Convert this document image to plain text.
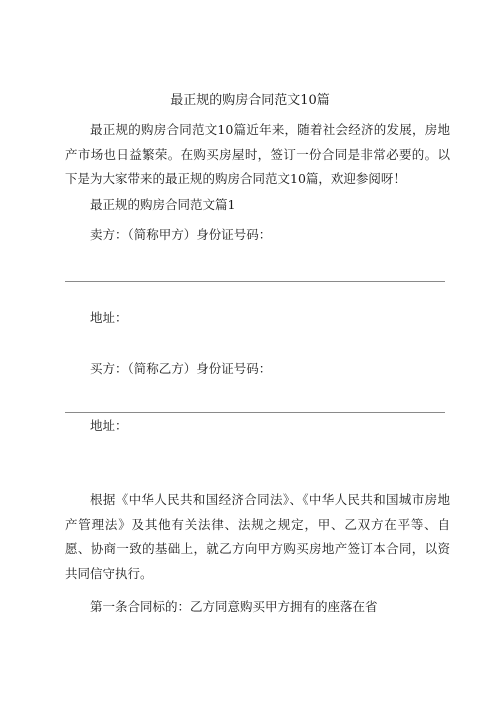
最正规的购房合同范文10篇
最正规的购房合同范文10篇近年来，随着社会经济的发展，房地产市场也日益繁荣。在购买房屋时，签订一份合同是非常必要的。以下是为大家带来的最正规的购房合同范文10篇，欢迎参阅呀！
最正规的购房合同范文篇1
卖方：（简称甲方）身份证号码：
地址：
买方：（简称乙方）身份证号码：
地址：
根据《中华人民共和国经济合同法》、《中华人民共和国城市房地产管理法》及其他有关法律、法规之规定，甲、乙双方在平等、自愿、协商一致的基础上，就乙方向甲方购买房地产签订本合同，以资共同信守执行。
第一条合同标的：乙方同意购买甲方拥有的座落在省
